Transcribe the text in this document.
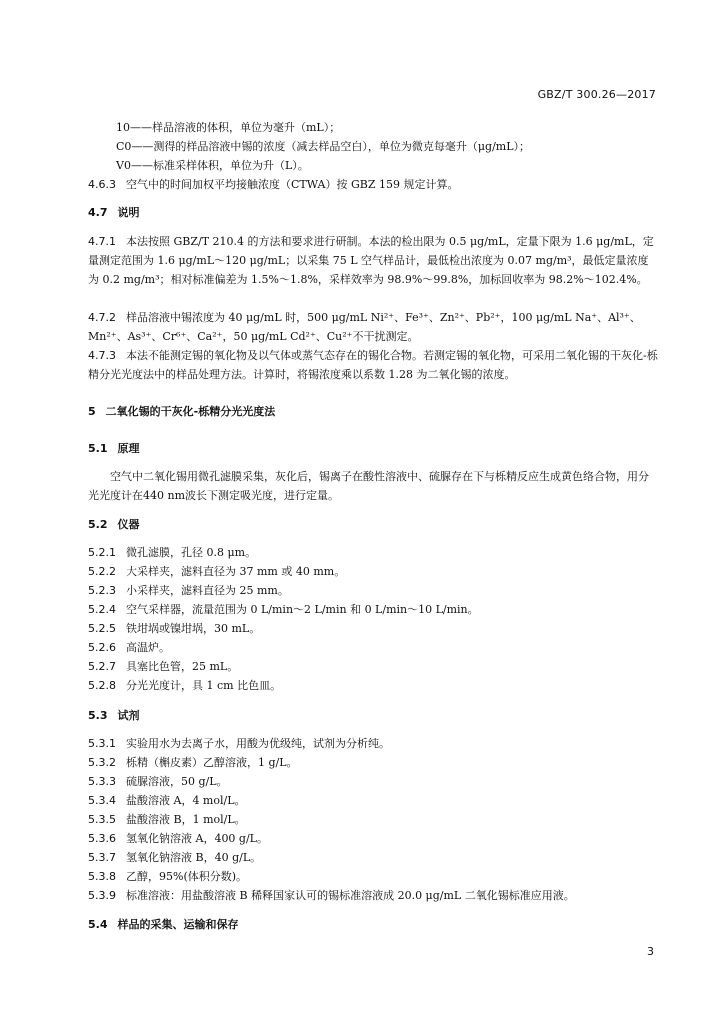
GBZ/T 300.26—2017
10——样品溶液的体积，单位为毫升（mL）；
C0——测得的样品溶液中锡的浓度（减去样品空白），单位为微克每毫升（μg/mL）；
V0——标准采样体积，单位为升（L）。
4.6.3 空气中的时间加权平均接触浓度（CTWA）按 GBZ 159 规定计算。
4.7 说明
4.7.1 本法按照 GBZ/T 210.4 的方法和要求进行研制。本法的检出限为 0.5 μg/mL，定量下限为 1.6 μg/mL，定量测定范围为 1.6 μg/mL～120 μg/mL；以采集 75 L 空气样品计，最低检出浓度为 0.07 mg/m³，最低定量浓度为 0.2 mg/m³；相对标准偏差为 1.5%～1.8%，采样效率为 98.9%～99.8%，加标回收率为 98.2%～102.4%。
4.7.2 样品溶液中锡浓度为 40 μg/mL 时，500 μg/mL Ni²⁺、Fe³⁺、Zn²⁺、Pb²⁺，100 μg/mL Na⁺、Al³⁺、Mn²⁺、As³⁺、Cr⁶⁺、Ca²⁺，50 μg/mL Cd²⁺、Cu²⁺不干扰测定。
4.7.3 本法不能测定锡的氧化物及以气体或蒸气态存在的锡化合物。若测定锡的氧化物，可采用二氧化锡的干灰化-栎精分光光度法中的样品处理方法。计算时，将锡浓度乘以系数 1.28 为二氧化锡的浓度。
5 二氧化锡的干灰化-栎精分光光度法
5.1 原理
空气中二氧化锡用微孔滤膜采集，灰化后，锡离子在酸性溶液中、硫脲存在下与栎精反应生成黄色络合物，用分光光度计在440 nm波长下测定吸光度，进行定量。
5.2 仪器
5.2.1 微孔滤膜，孔径 0.8 μm。
5.2.2 大采样夹，滤料直径为 37 mm 或 40 mm。
5.2.3 小采样夹，滤料直径为 25 mm。
5.2.4 空气采样器，流量范围为 0 L/min～2 L/min 和 0 L/min～10 L/min。
5.2.5 铁坩埚或镍坩埚，30 mL。
5.2.6 高温炉。
5.2.7 具塞比色管，25 mL。
5.2.8 分光光度计，具 1 cm 比色皿。
5.3 试剂
5.3.1 实验用水为去离子水，用酸为优级纯，试剂为分析纯。
5.3.2 栎精（槲皮素）乙醇溶液，1 g/L。
5.3.3 硫脲溶液，50 g/L。
5.3.4 盐酸溶液 A，4 mol/L。
5.3.5 盐酸溶液 B，1 mol/L。
5.3.6 氢氧化钠溶液 A，400 g/L。
5.3.7 氢氧化钠溶液 B，40 g/L。
5.3.8 乙醇，95%(体积分数)。
5.3.9 标准溶液：用盐酸溶液 B 稀释国家认可的锡标准溶液成 20.0 μg/mL 二氧化锡标准应用液。
5.4 样品的采集、运输和保存
3
